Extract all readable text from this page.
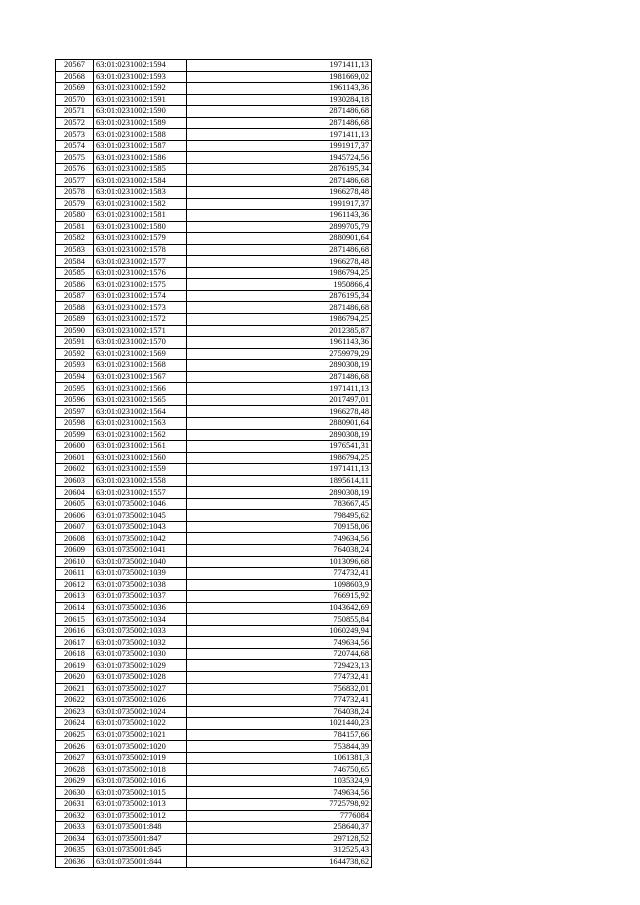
20567	63:01:0231002:1594	1971411,13
20568	63:01:0231002:1593	1981669,02
20569	63:01:0231002:1592	1961143,36
20570	63:01:0231002:1591	1930284,18
20571	63:01:0231002:1590	2871486,68
20572	63:01:0231002:1589	2871486,68
20573	63:01:0231002:1588	1971411,13
20574	63:01:0231002:1587	1991917,37
20575	63:01:0231002:1586	1945724,56
20576	63:01:0231002:1585	2876195,34
20577	63:01:0231002:1584	2871486,68
20578	63:01:0231002:1583	1966278,48
20579	63:01:0231002:1582	1991917,37
20580	63:01:0231002:1581	1961143,36
20581	63:01:0231002:1580	2899705,79
20582	63:01:0231002:1579	2880901,64
20583	63:01:0231002:1578	2871486,68
20584	63:01:0231002:1577	1966278,48
20585	63:01:0231002:1576	1986794,25
20586	63:01:0231002:1575	1950866,4
20587	63:01:0231002:1574	2876195,34
20588	63:01:0231002:1573	2871486,68
20589	63:01:0231002:1572	1986794,25
20590	63:01:0231002:1571	2012385,87
20591	63:01:0231002:1570	1961143,36
20592	63:01:0231002:1569	2759979,29
20593	63:01:0231002:1568	2890308,19
20594	63:01:0231002:1567	2871486,68
20595	63:01:0231002:1566	1971411,13
20596	63:01:0231002:1565	2017497,01
20597	63:01:0231002:1564	1966278,48
20598	63:01:0231002:1563	2880901,64
20599	63:01:0231002:1562	2890308,19
20600	63:01:0231002:1561	1976541,31
20601	63:01:0231002:1560	1986794,25
20602	63:01:0231002:1559	1971411,13
20603	63:01:0231002:1558	1895614,11
20604	63:01:0231002:1557	2890308,19
20605	63:01:0735002:1046	783667,45
20606	63:01:0735002:1045	798495,62
20607	63:01:0735002:1043	709158,06
20608	63:01:0735002:1042	749634,56
20609	63:01:0735002:1041	764038,24
20610	63:01:0735002:1040	1013096,68
20611	63:01:0735002:1039	774732,41
20612	63:01:0735002:1038	1098603,9
20613	63:01:0735002:1037	766915,92
20614	63:01:0735002:1036	1043642,69
20615	63:01:0735002:1034	750855,84
20616	63:01:0735002:1033	1060249,94
20617	63:01:0735002:1032	749634,56
20618	63:01:0735002:1030	720744,68
20619	63:01:0735002:1029	729423,13
20620	63:01:0735002:1028	774732,41
20621	63:01:0735002:1027	756832,01
20622	63:01:0735002:1026	774732,41
20623	63:01:0735002:1024	764038,24
20624	63:01:0735002:1022	1021440,23
20625	63:01:0735002:1021	784157,66
20626	63:01:0735002:1020	753844,39
20627	63:01:0735002:1019	1061381,3
20628	63:01:0735002:1018	746750,65
20629	63:01:0735002:1016	1035324,9
20630	63:01:0735002:1015	749634,56
20631	63:01:0735002:1013	7725798,92
20632	63:01:0735002:1012	7776084
20633	63:01:0735001:848	258640,37
20634	63:01:0735001:847	297128,52
20635	63:01:0735001:845	312525,43
20636	63:01:0735001:844	1644738,62
